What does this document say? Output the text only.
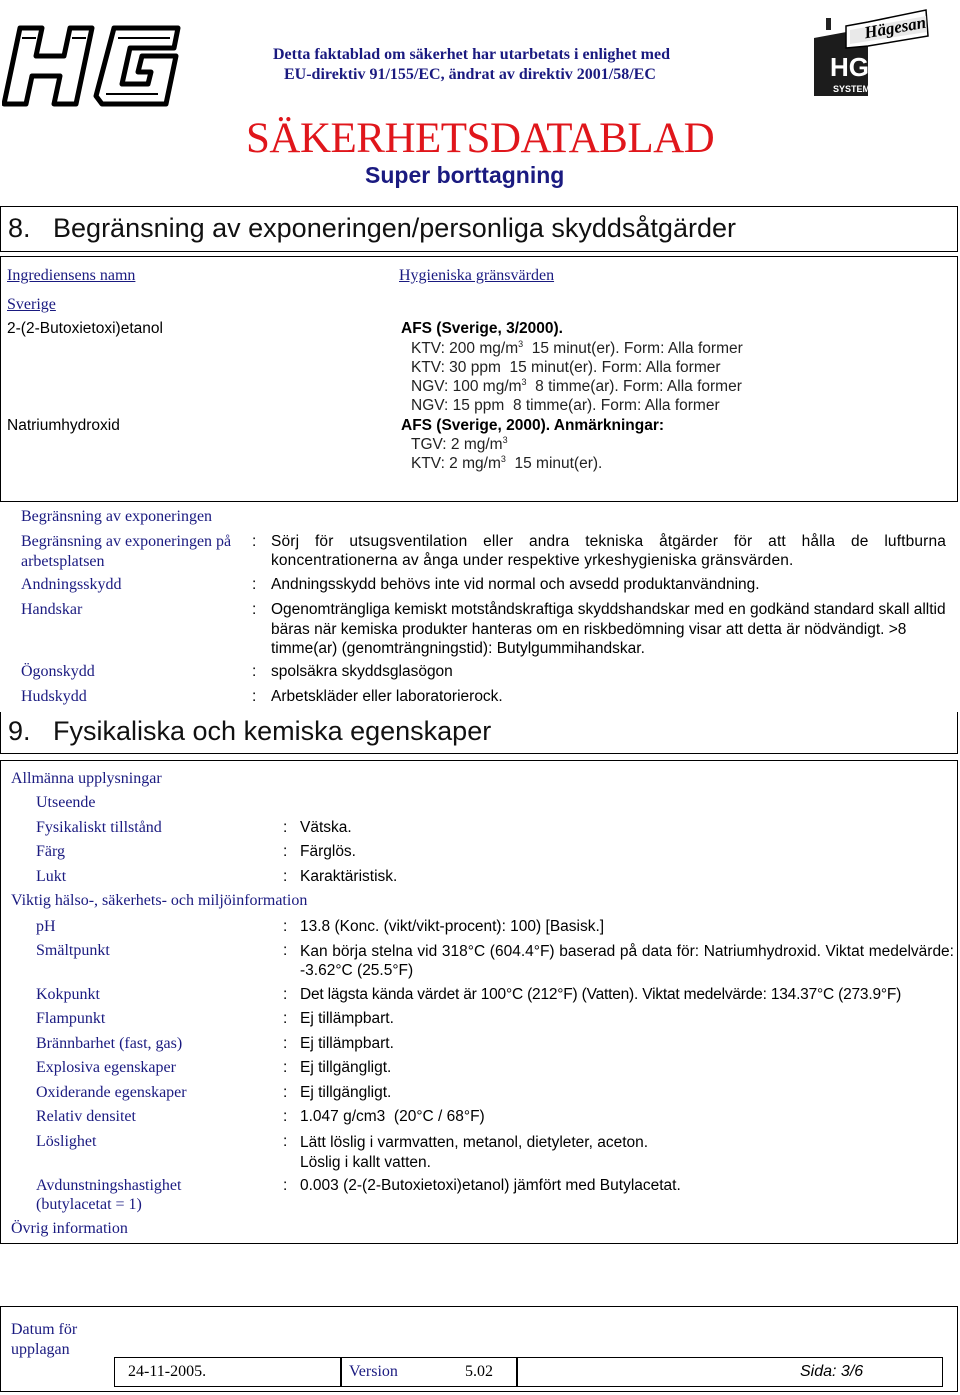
Detta faktablad om säkerhet har utarbetats i enlighet med
EU-direktiv 91/155/EC, ändrat av direktiv 2001/58/EC
SÄKERHETSDATABLAD
Super borttagning
Hägesan
HG
SYSTEMS
8.   Begränsning av exponeringen/personliga skyddsåtgärder
Ingrediensens namn	Hygieniska gränsvärden
Sverige
2-(2-Butoxietoxi)etanol	AFS (Sverige, 3/2000).
KTV: 200 $mg/m^3$  15 minut(er). Form: Alla former
KTV: 30 ppm  15 minut(er). Form: Alla former
NGV: 100 $mg/m^3$  8 timme(ar). Form: Alla former
NGV: 15 ppm  8 timme(ar). Form: Alla former
Natriumhydroxid	AFS (Sverige, 2000). Anmärkningar:
TGV: 2 $mg/m^3$
KTV: 2 $mg/m^3$  15 minut(er).
Begränsning av exponeringen
Begränsning av exponeringen på arbetsplatsen
: Sörj för utsugsventilation eller andra tekniska åtgärder för att hålla de luftburna koncentrationerna av ånga under respektive yrkeshygieniska gränsvärden.
Andningsskydd	: Andningsskydd behövs inte vid normal och avsedd produktanvändning.
Handskar	: Ogenomträngliga kemiskt motståndskraftiga skyddshandskar med en godkänd standard skall alltid bäras när kemiska produkter hanteras om en riskbedömning visar att detta är nödvändigt. >8 timme(ar) (genomträngningstid): Butylgummihandskar.
Ögonskydd	: spolsäkra skyddsglasögon
Hudskydd	: Arbetskläder eller laboratorierock.
9.   Fysikaliska och kemiska egenskaper
Allmänna upplysningar
Utseende
Fysikaliskt tillstånd	: Vätska.
Färg	: Färglös.
Lukt	: Karaktäristisk.
Viktig hälso-, säkerhets- och miljöinformation
pH	: 13.8 (Konc. (vikt/vikt-procent): 100) [Basisk.]
Smältpunkt	: Kan börja stelna vid 318°C (604.4°F) baserad på data för: Natriumhydroxid. Viktat medelvärde: -3.62°C (25.5°F)
Kokpunkt	: Det lägsta kända värdet är 100°C (212°F) (Vatten). Viktat medelvärde: 134.37°C (273.9°F)
Flampunkt	: Ej tillämpbart.
Brännbarhet (fast, gas)	: Ej tillämpbart.
Explosiva egenskaper	: Ej tillgängligt.
Oxiderande egenskaper	: Ej tillgängligt.
Relativ densitet	: 1.047 g/cm3  (20°C / 68°F)
Löslighet	: Lätt löslig i varmvatten, metanol, dietyleter, aceton.
Löslig i kallt vatten.
Avdunstningshastighet (butylacetat = 1)
: 0.003 (2-(2-Butoxietoxi)etanol) jämfört med Butylacetat.
Övrig information
Datum för upplagan
24-11-2005.	Version	5.02	Sida: 3/6
